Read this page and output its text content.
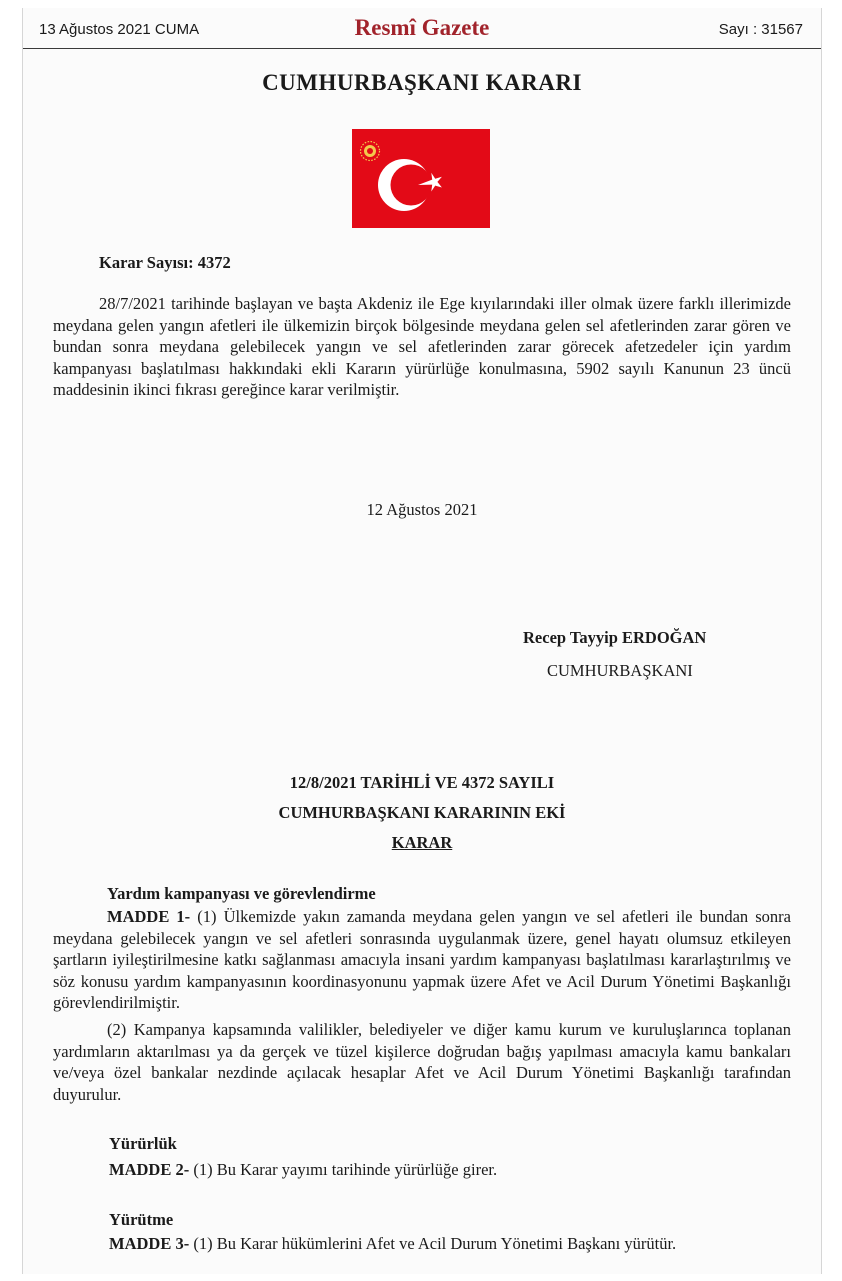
13 Ağustos 2021 CUMA	Resmî Gazete	Sayı : 31567
CUMHURBAŞKANI KARARI
Karar Sayısı: 4372
28/7/2021 tarihinde başlayan ve başta Akdeniz ile Ege kıyılarındaki iller olmak üzere farklı illerimizde meydana gelen yangın afetleri ile ülkemizin birçok bölgesinde meydana gelen sel afetlerinden zarar gören ve bundan sonra meydana gelebilecek yangın ve sel afetlerinden zarar görecek afetzedeler için yardım kampanyası başlatılması hakkındaki ekli Kararın yürürlüğe konulmasına, 5902 sayılı Kanunun 23 üncü maddesinin ikinci fıkrası gereğince karar verilmiştir.
12 Ağustos 2021
Recep Tayyip ERDOĞAN
CUMHURBAŞKANI
12/8/2021 TARİHLİ VE 4372 SAYILI
CUMHURBAŞKANI KARARININ EKİ
KARAR
Yardım kampanyası ve görevlendirme
MADDE 1- (1) Ülkemizde yakın zamanda meydana gelen yangın ve sel afetleri ile bundan sonra meydana gelebilecek yangın ve sel afetleri sonrasında uygulanmak üzere, genel hayatı olumsuz etkileyen şartların iyileştirilmesine katkı sağlanması amacıyla insani yardım kampanyası başlatılması kararlaştırılmış ve söz konusu yardım kampanyasının koordinasyonunu yapmak üzere Afet ve Acil Durum Yönetimi Başkanlığı görevlendirilmiştir.
(2) Kampanya kapsamında valilikler, belediyeler ve diğer kamu kurum ve kuruluşlarınca toplanan yardımların aktarılması ya da gerçek ve tüzel kişilerce doğrudan bağış yapılması amacıyla kamu bankaları ve/veya özel bankalar nezdinde açılacak hesaplar Afet ve Acil Durum Yönetimi Başkanlığı tarafından duyurulur.
Yürürlük
MADDE 2- (1) Bu Karar yayımı tarihinde yürürlüğe girer.
Yürütme
MADDE 3- (1) Bu Karar hükümlerini Afet ve Acil Durum Yönetimi Başkanı yürütür.
